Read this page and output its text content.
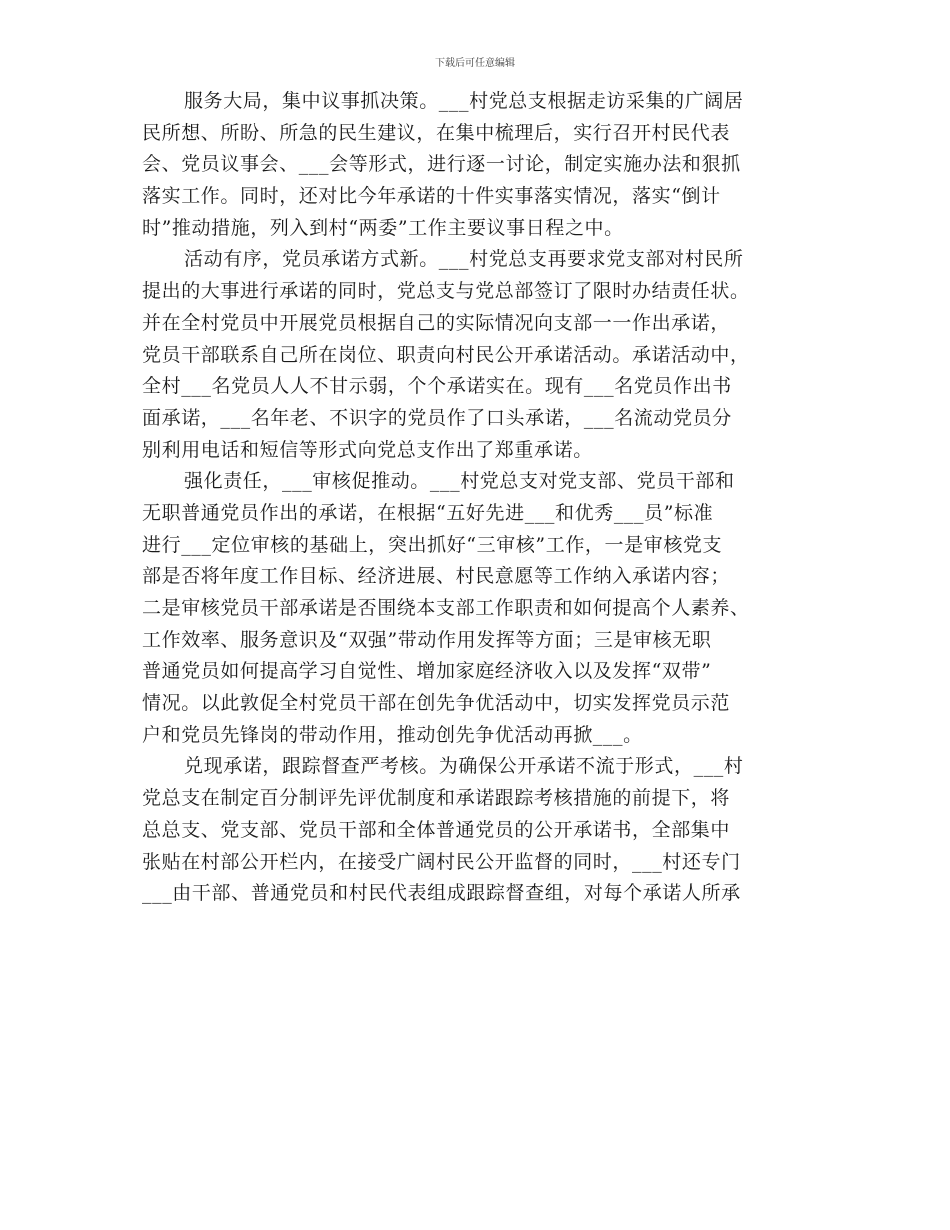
下载后可任意编辑
服务大局，集中议事抓决策。___村党总支根据走访采集的广阔居
民所想、所盼、所急的民生建议，在集中梳理后，实行召开村民代表
会、党员议事会、___会等形式，进行逐一讨论，制定实施办法和狠抓
落实工作。同时，还对比今年承诺的十件实事落实情况，落实“倒计
时”推动措施，列入到村“两委”工作主要议事日程之中。
活动有序，党员承诺方式新。___村党总支再要求党支部对村民所
提出的大事进行承诺的同时，党总支与党总部签订了限时办结责任状。
并在全村党员中开展党员根据自己的实际情况向支部一一作出承诺，
党员干部联系自己所在岗位、职责向村民公开承诺活动。承诺活动中，
全村___名党员人人不甘示弱，个个承诺实在。现有___名党员作出书
面承诺，___名年老、不识字的党员作了口头承诺，___名流动党员分
别利用电话和短信等形式向党总支作出了郑重承诺。
强化责任，___审核促推动。___村党总支对党支部、党员干部和
无职普通党员作出的承诺，在根据“五好先进___和优秀___员”标准
进行___定位审核的基础上，突出抓好“三审核”工作，一是审核党支
部是否将年度工作目标、经济进展、村民意愿等工作纳入承诺内容；
二是审核党员干部承诺是否围绕本支部工作职责和如何提高个人素养、
工作效率、服务意识及“双强”带动作用发挥等方面；三是审核无职
普通党员如何提高学习自觉性、增加家庭经济收入以及发挥“双带”
情况。以此敦促全村党员干部在创先争优活动中，切实发挥党员示范
户和党员先锋岗的带动作用，推动创先争优活动再掀___。
兑现承诺，跟踪督查严考核。为确保公开承诺不流于形式，___村
党总支在制定百分制评先评优制度和承诺跟踪考核措施的前提下，将
总总支、党支部、党员干部和全体普通党员的公开承诺书，全部集中
张贴在村部公开栏内，在接受广阔村民公开监督的同时，___村还专门
___由干部、普通党员和村民代表组成跟踪督查组，对每个承诺人所承
